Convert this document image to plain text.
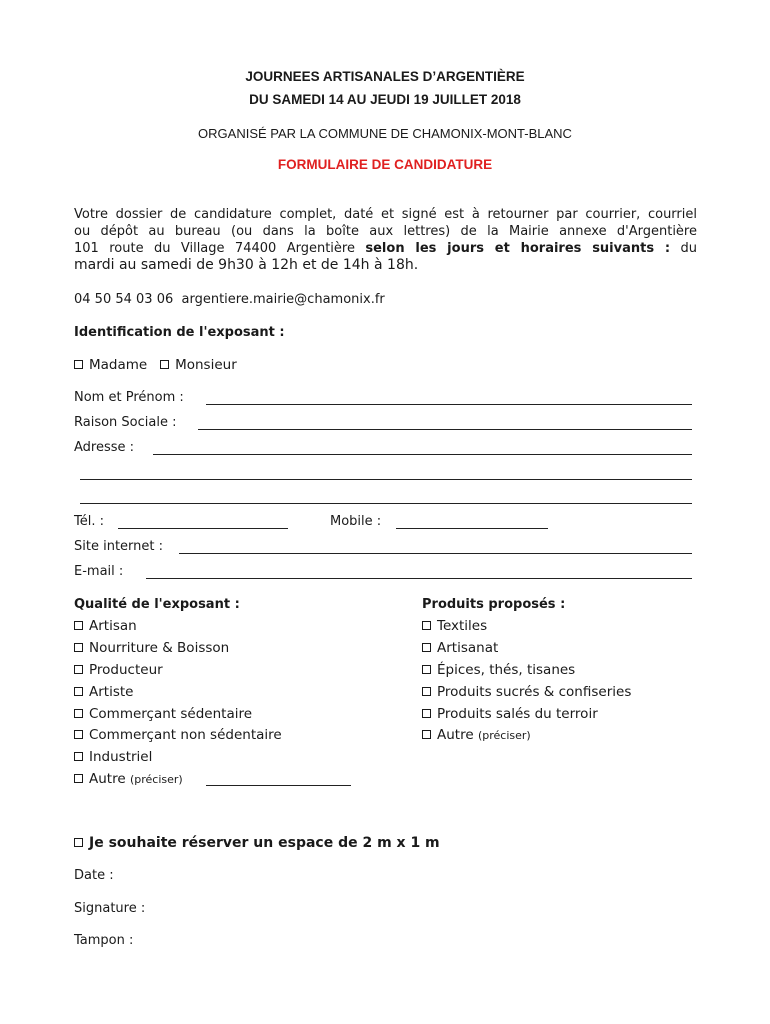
JOURNEES ARTISANALES D’ARGENTIÈRE
DU SAMEDI 14 AU JEUDI 19 JUILLET 2018
ORGANISÉ PAR LA COMMUNE DE CHAMONIX-MONT-BLANC
FORMULAIRE DE CANDIDATURE
Votre dossier de candidature complet, daté et signé est à retourner par courrier, courriel
ou dépôt au bureau (ou dans la boîte aux lettres) de la Mairie annexe d'Argentière
101 route du Village 74400 Argentière selon les jours et horaires suivants : du
mardi au samedi de 9h30 à 12h et de 14h à 18h.
04 50 54 03 06 argentiere.mairie@chamonix.fr
Identification de l'exposant :
Madame Monsieur
Nom et Prénom :
Raison Sociale :
Adresse :
Tél. :	Mobile :
Site internet :
E-mail :
Qualité de l'exposant :
Artisan
Nourriture & Boisson
Producteur
Artiste
Commerçant sédentaire
Commerçant non sédentaire
Industriel
Autre (préciser)
Produits proposés :
Textiles
Artisanat
Épices, thés, tisanes
Produits sucrés & confiseries
Produits salés du terroir
Autre (préciser)
Je souhaite réserver un espace de 2 m x 1 m
Date :
Signature :
Tampon :
